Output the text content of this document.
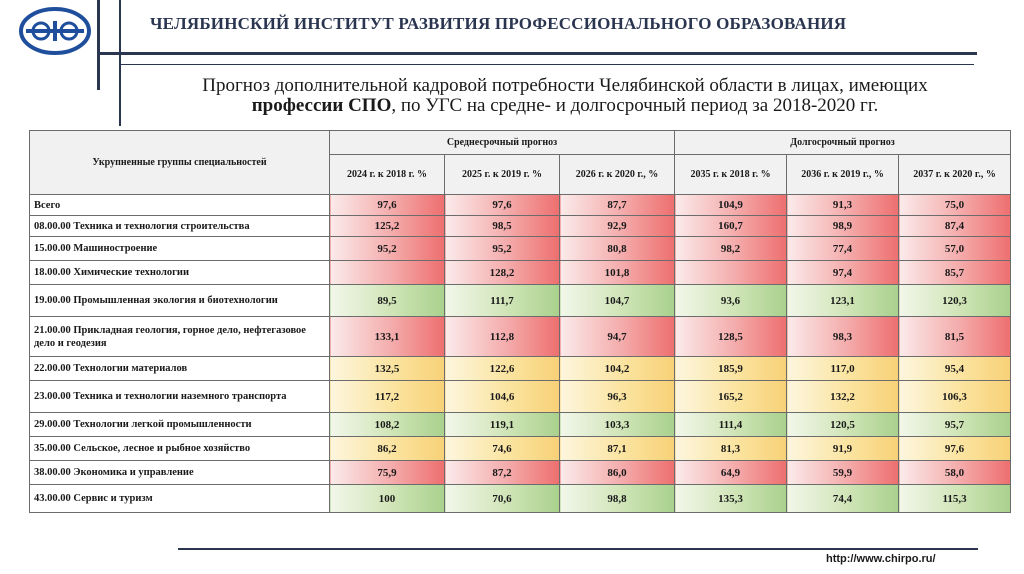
ЧЕЛЯБИНСКИЙ ИНСТИТУТ РАЗВИТИЯ ПРОФЕССИОНАЛЬНОГО ОБРАЗОВАНИЯ
Прогноз дополнительной кадровой потребности Челябинской области в лицах, имеющих
профессии СПО, по УГС на средне- и долгосрочный период за 2018-2020 гг.
Укрупненные группы специальностей	Среднесрочный прогноз			Долгосрочный прогноз		
	2024 г. к 2018 г. %	2025 г. к 2019 г. %	2026 г. к 2020 г., %	2035 г. к 2018 г. %	2036 г. к 2019 г., %	2037 г. к 2020 г., %
Всего	97,6	97,6	87,7	104,9	91,3	75,0
08.00.00 Техника и технология строительства	125,2	98,5	92,9	160,7	98,9	87,4
15.00.00 Машиностроение	95,2	95,2	80,8	98,2	77,4	57,0
18.00.00 Химические технологии		128,2	101,8		97,4	85,7
19.00.00 Промышленная экология и биотехнологии	89,5	111,7	104,7	93,6	123,1	120,3
21.00.00 Прикладная геология, горное дело, нефтегазовое дело и геодезия	133,1	112,8	94,7	128,5	98,3	81,5
22.00.00 Технологии материалов	132,5	122,6	104,2	185,9	117,0	95,4
23.00.00 Техника и технологии наземного транспорта	117,2	104,6	96,3	165,2	132,2	106,3
29.00.00 Технологии легкой промышленности	108,2	119,1	103,3	111,4	120,5	95,7
35.00.00 Сельское, лесное и рыбное хозяйство	86,2	74,6	87,1	81,3	91,9	97,6
38.00.00 Экономика и управление	75,9	87,2	86,0	64,9	59,9	58,0
43.00.00 Сервис и туризм	100	70,6	98,8	135,3	74,4	115,3
http://www.chirpo.ru/
